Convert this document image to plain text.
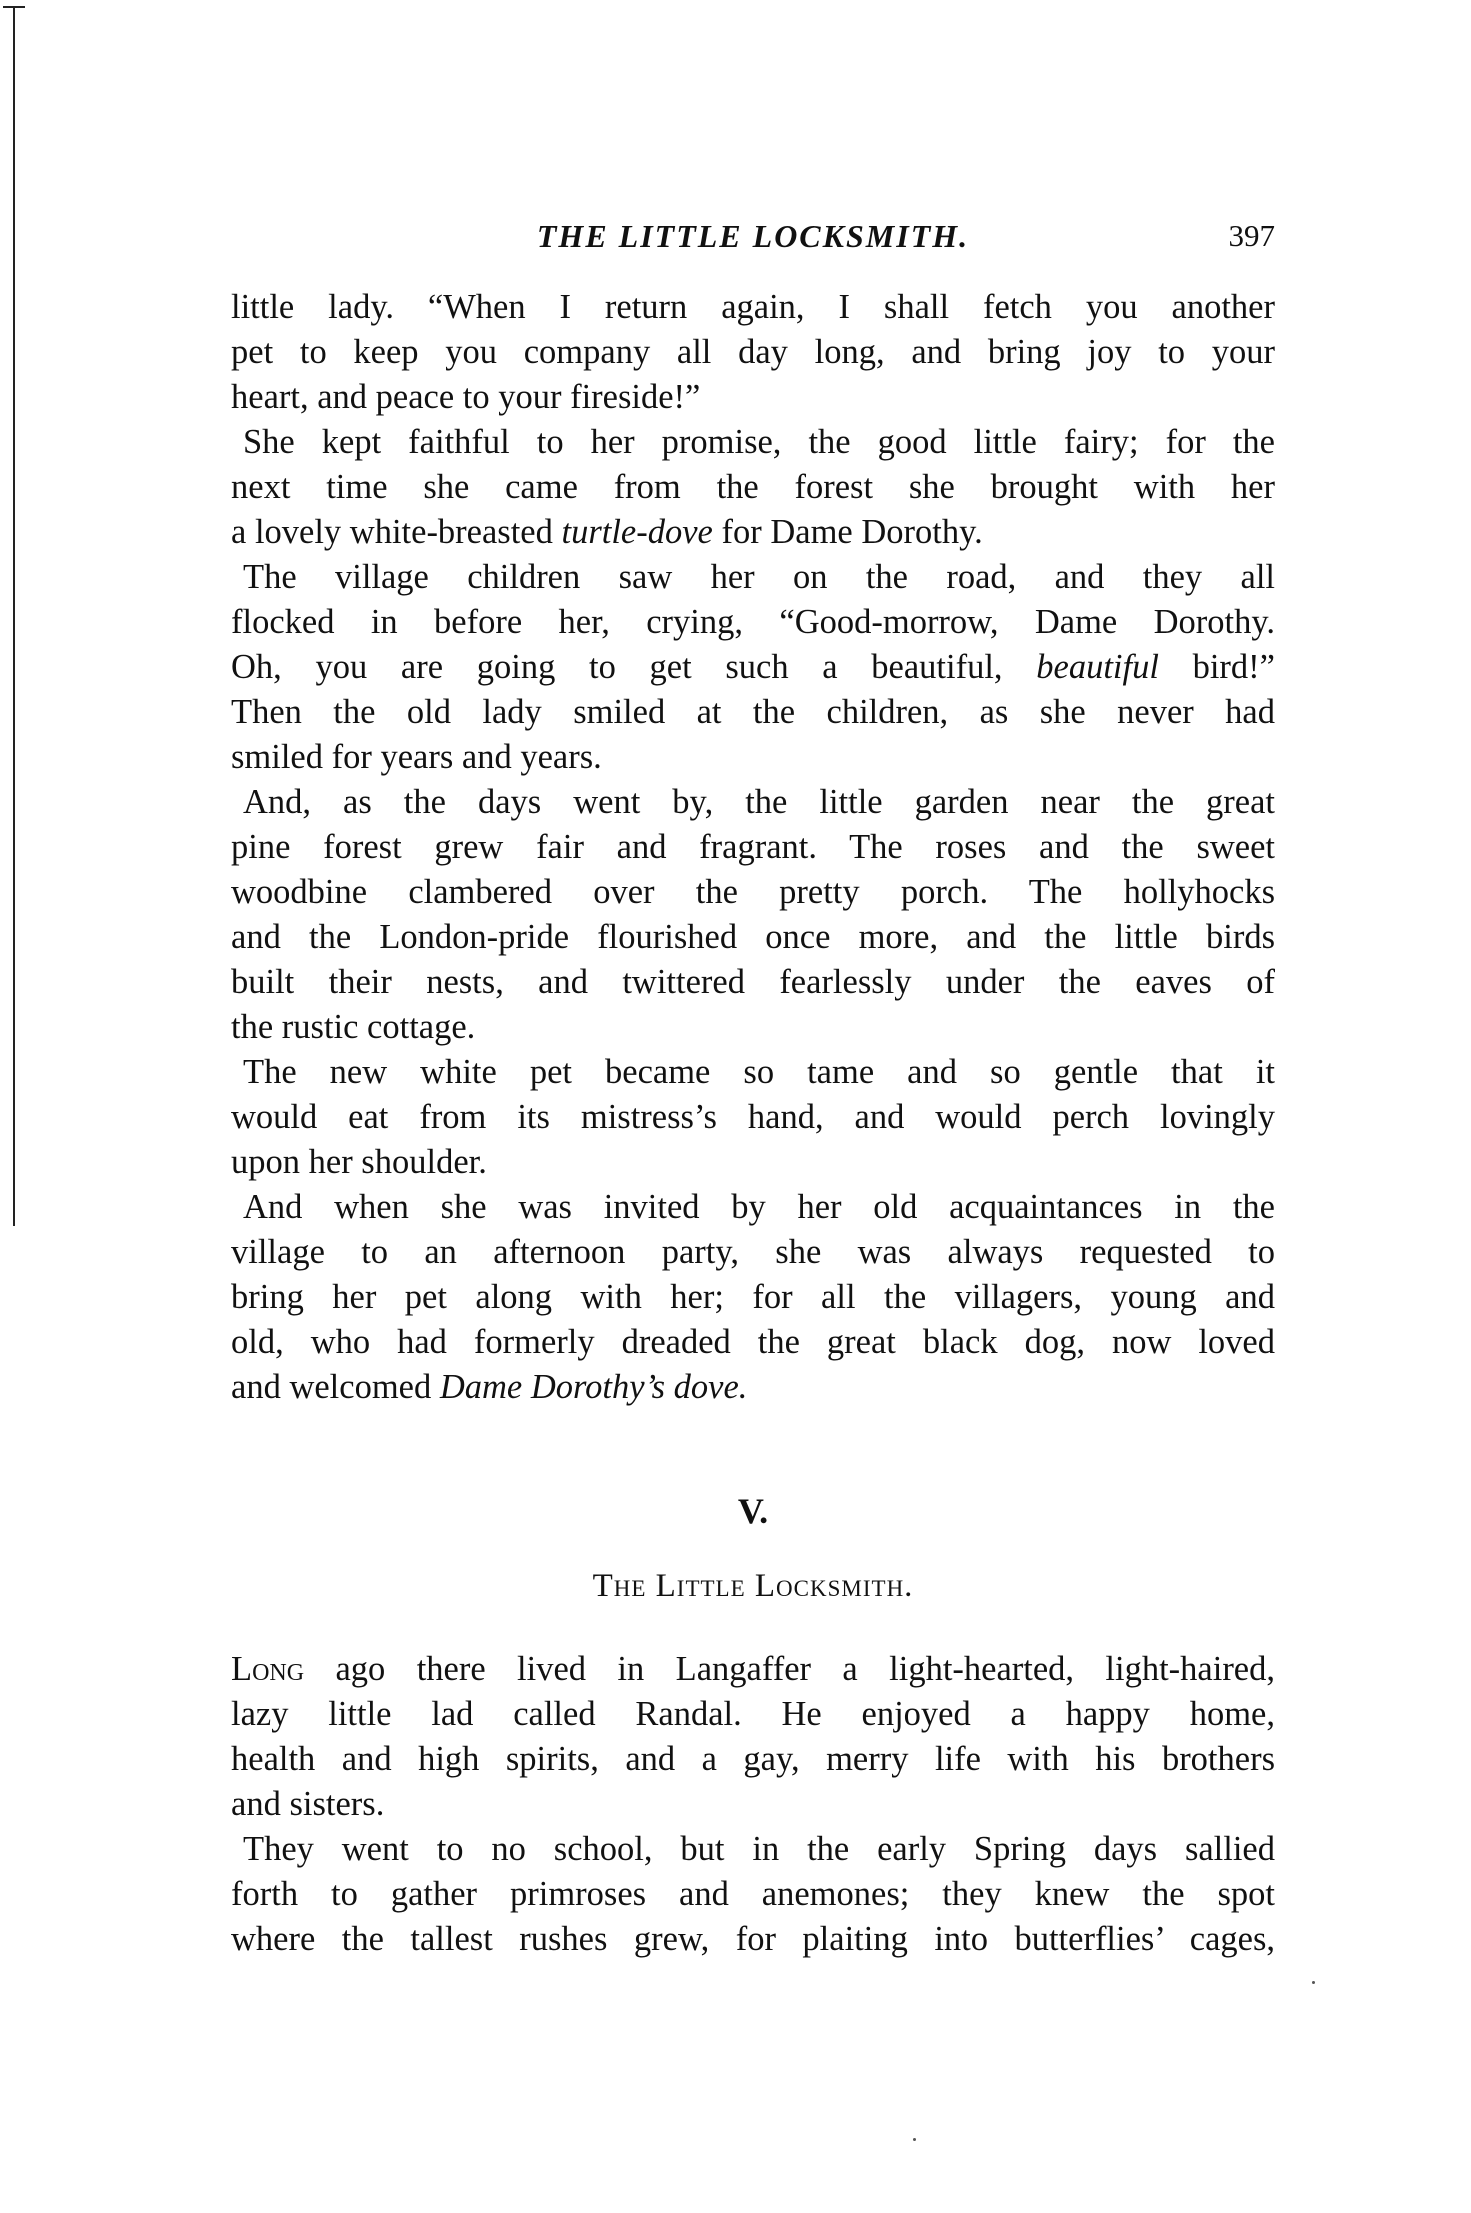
THE LITTLE LOCKSMITH.	397
little lady. “When I return again, I shall fetch you another
pet to keep you company all day long, and bring joy to your
heart, and peace to your fireside!”
She kept faithful to her promise, the good little fairy; for the
next time she came from the forest she brought with her
a lovely white-breasted turtle-dove for Dame Dorothy.
The village children saw her on the road, and they all
flocked in before her, crying, “Good-morrow, Dame Dorothy.
Oh, you are going to get such a beautiful, beautiful bird!”
Then the old lady smiled at the children, as she never had
smiled for years and years.
And, as the days went by, the little garden near the great
pine forest grew fair and fragrant. The roses and the sweet
woodbine clambered over the pretty porch. The hollyhocks
and the London-pride flourished once more, and the little birds
built their nests, and twittered fearlessly under the eaves of
the rustic cottage.
The new white pet became so tame and so gentle that it
would eat from its mistress’s hand, and would perch lovingly
upon her shoulder.
And when she was invited by her old acquaintances in the
village to an afternoon party, she was always requested to
bring her pet along with her; for all the villagers, young and
old, who had formerly dreaded the great black dog, now loved
and welcomed Dame Dorothy’s dove.
V.
The Little Locksmith.
Long ago there lived in Langaffer a light-hearted, light-haired,
lazy little lad called Randal. He enjoyed a happy home,
health and high spirits, and a gay, merry life with his brothers
and sisters.
They went to no school, but in the early Spring days sallied
forth to gather primroses and anemones; they knew the spot
where the tallest rushes grew, for plaiting into butterflies’ cages,
